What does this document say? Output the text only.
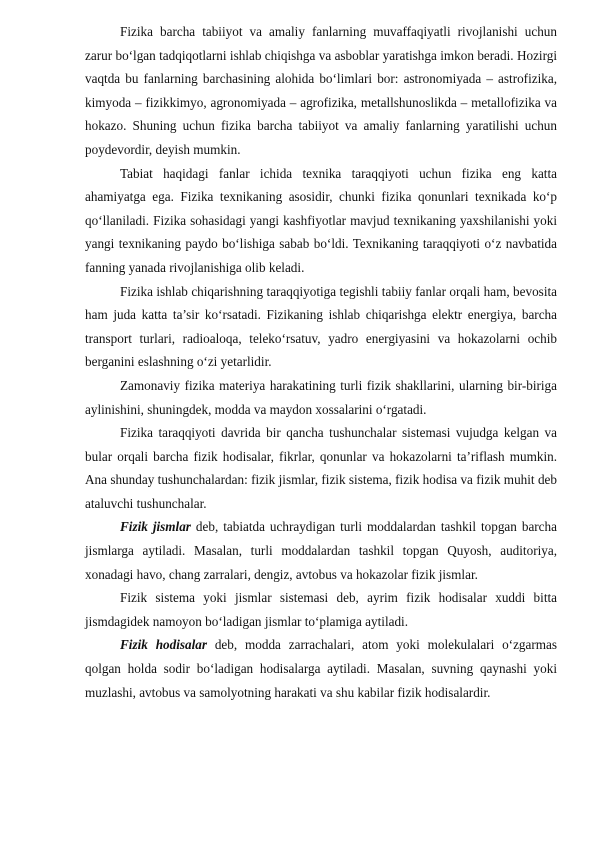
Fizika barcha tabiiyot va amaliy fanlarning muvaffaqiyatli rivojlanishi uchun zarur bo‘lgan tadqiqotlarni ishlab chiqishga va asboblar yaratishga imkon beradi. Hozirgi vaqtda bu fanlarning barchasining alohida bo‘limlari bor: astronomiyada – astrofizika, kimyoda – fizikkimyo, agronomiyada – agrofizika, metallshunoslikda – metallofizika va hokazo. Shuning uchun fizika barcha tabiiyot va amaliy fanlarning yaratilishi uchun poydevordir, deyish mumkin.

Tabiat haqidagi fanlar ichida texnika taraqqiyoti uchun fizika eng katta ahamiyatga ega. Fizika texnikaning asosidir, chunki fizika qonunlari texnikada ko‘p qo‘llaniladi. Fizika sohasidagi yangi kashfiyotlar mavjud texnikaning yaxshilanishi yoki yangi texnikaning paydo bo‘lishiga sabab bo‘ldi. Texnikaning taraqqiyoti o‘z navbatida fanning yanada rivojlanishiga olib keladi.

Fizika ishlab chiqarishning taraqqiyotiga tegishli tabiiy fanlar orqali ham, bevosita ham juda katta ta’sir ko‘rsatadi. Fizikaning ishlab chiqarishga elektr energiya, barcha transport turlari, radioaloqa, teleko‘rsatuv, yadro energiyasini va hokazolarni ochib berganini eslashning o‘zi yetarlidir.

Zamonaviy fizika materiya harakatining turli fizik shakllarini, ularning bir-biriga aylinishini, shuningdek, modda va maydon xossalarini o‘rgatadi.

Fizika taraqqiyoti davrida bir qancha tushunchalar sistemasi vujudga kelgan va bular orqali barcha fizik hodisalar, fikrlar, qonunlar va hokazolarni ta’riflash mumkin. Ana shunday tushunchalardan: fizik jismlar, fizik sistema, fizik hodisa va fizik muhit deb ataluvchi tushunchalar.

Fizik jismlar deb, tabiatda uchraydigan turli moddalardan tashkil topgan barcha jismlarga aytiladi. Masalan, turli moddalardan tashkil topgan Quyosh, auditoriya, xonadagi havo, chang zarralari, dengiz, avtobus va hokazolar fizik jismlar.

Fizik sistema yoki jismlar sistemasi deb, ayrim fizik hodisalar xuddi bitta jismdagidek namoyon bo‘ladigan jismlar to‘plamiga aytiladi.

Fizik hodisalar deb, modda zarrachalari, atom yoki molekulalari o‘zgarmas qolgan holda sodir bo‘ladigan hodisalarga aytiladi. Masalan, suvning qaynashi yoki muzlashi, avtobus va samolyotning harakati va shu kabilar fizik hodisalardir.
